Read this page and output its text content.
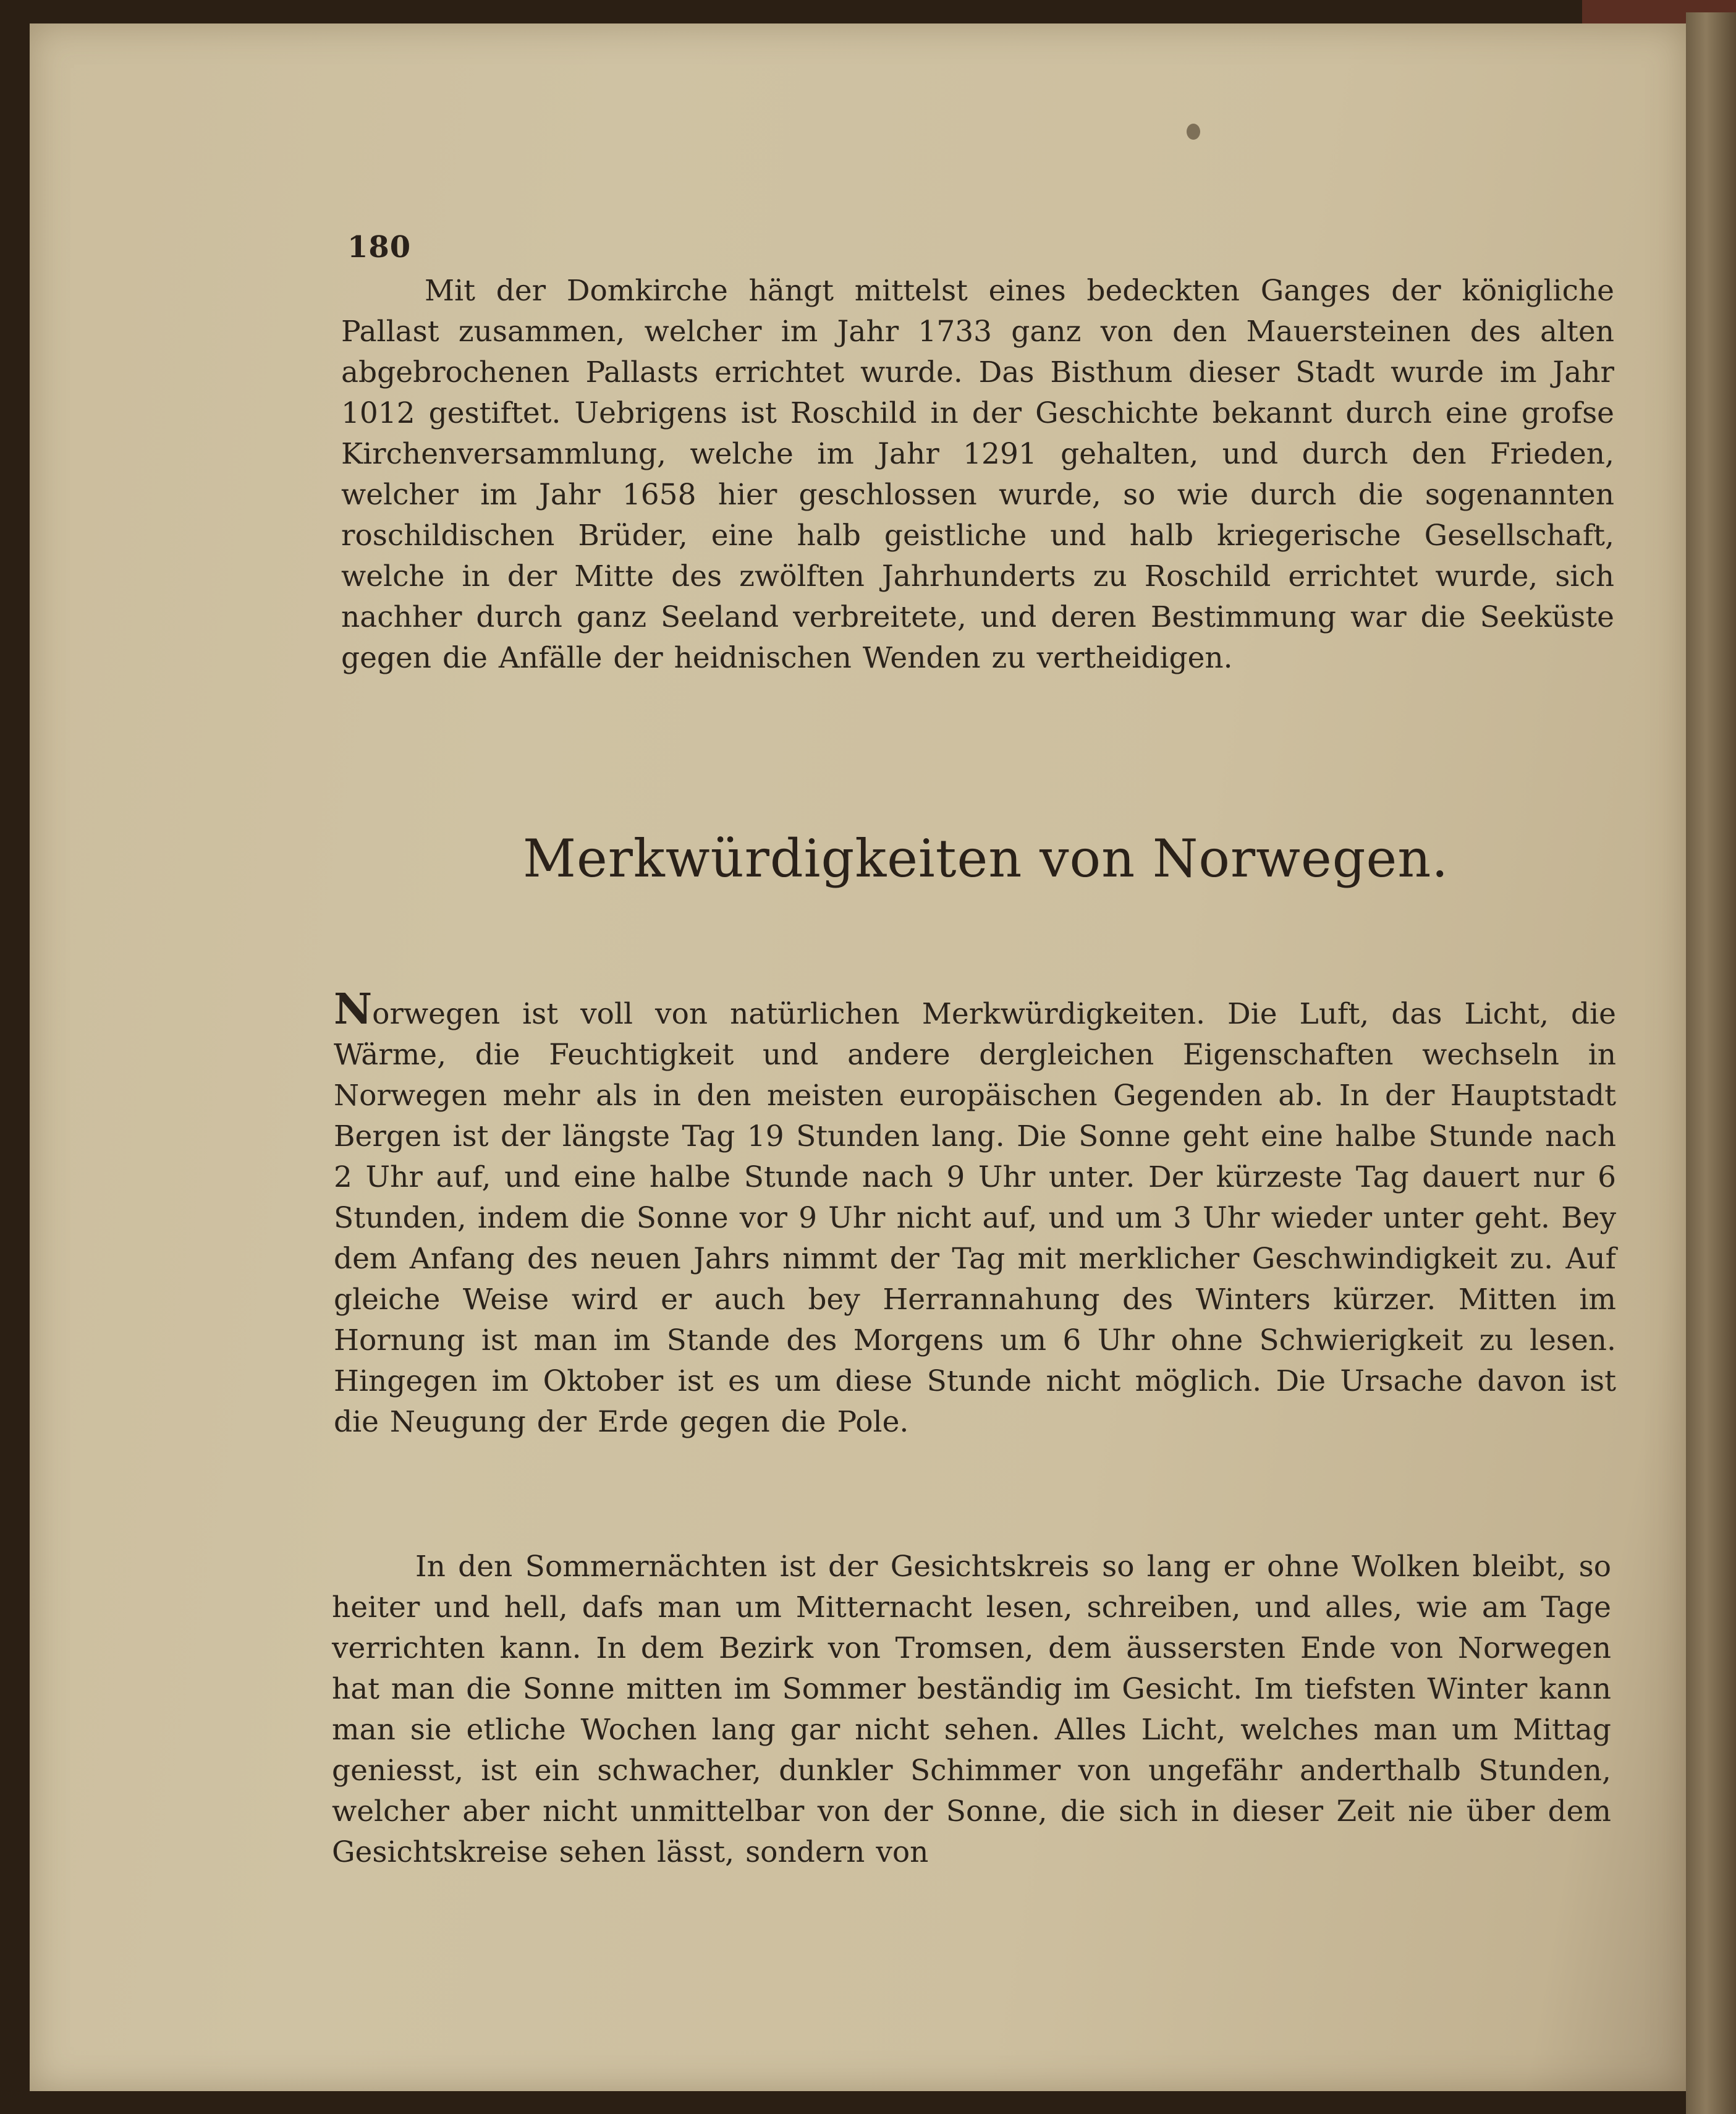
180

Mit der Domkirche hängt mittelst eines bedeckten Ganges der königliche Pallast zusammen, welcher im Jahr 1733 ganz von den Mauersteinen des alten abgebrochenen Pallasts errichtet wurde. Das Bisthum dieser Stadt wurde im Jahr 1012 gestiftet. Uebrigens ist Roschild in der Geschichte bekannt durch eine grofse Kirchenversammlung, welche im Jahr 1291 gehalten, und durch den Frieden, welcher im Jahr 1658 hier geschlossen wurde, so wie durch die sogenannten roschildischen Brüder, eine halb geistliche und halb kriegerische Gesellschaft, welche in der Mitte des zwölften Jahrhunderts zu Roschild errichtet wurde, sich nachher durch ganz Seeland verbreitete, und deren Bestimmung war die Seeküste gegen die Anfälle der heidnischen Wenden zu vertheidigen.

Merkwürdigkeiten von Norwegen.

Norwegen ist voll von natürlichen Merkwürdigkeiten. Die Luft, das Licht, die Wärme, die Feuchtigkeit und andere dergleichen Eigenschaften wechseln in Norwegen mehr als in den meisten europäischen Gegenden ab. In der Hauptstadt Bergen ist der längste Tag 19 Stunden lang. Die Sonne geht eine halbe Stunde nach 2 Uhr auf, und eine halbe Stunde nach 9 Uhr unter. Der kürzeste Tag dauert nur 6 Stunden, indem die Sonne vor 9 Uhr nicht auf, und um 3 Uhr wieder unter geht. Bey dem Anfang des neuen Jahrs nimmt der Tag mit merklicher Geschwindigkeit zu. Auf gleiche Weise wird er auch bey Herrannahung des Winters kürzer. Mitten im Hornung ist man im Stande des Morgens um 6 Uhr ohne Schwierigkeit zu lesen. Hingegen im Oktober ist es um diese Stunde nicht möglich. Die Ursache davon ist die Neugung der Erde gegen die Pole.

In den Sommernächten ist der Gesichtskreis so lang er ohne Wolken bleibt, so heiter und hell, dafs man um Mitternacht lesen, schreiben, und alles, wie am Tage verrichten kann. In dem Bezirk von Tromsen, dem äussersten Ende von Norwegen hat man die Sonne mitten im Sommer beständig im Gesicht. Im tiefsten Winter kann man sie etliche Wochen lang gar nicht sehen. Alles Licht, welches man um Mittag geniesst, ist ein schwacher, dunkler Schimmer von ungefähr anderthalb Stunden, welcher aber nicht unmittelbar von der Sonne, die sich in dieser Zeit nie über dem Gesichtskreise sehen lässt, sondern von
